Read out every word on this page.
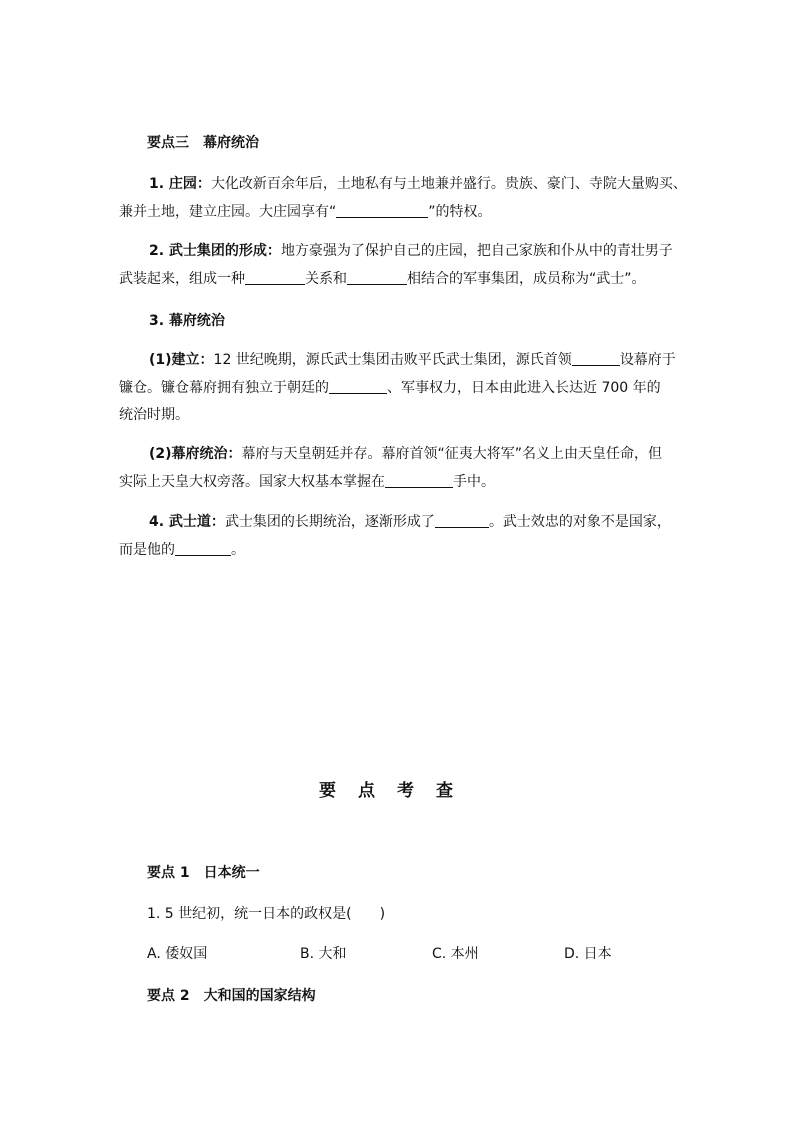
要点三　幕府统治
1. 庄园：大化改新百余年后，土地私有与土地兼并盛行。贵族、豪门、寺院大量购买、
兼并土地，建立庄园。大庄园享有“	”的特权。
2. 武士集团的形成：地方豪强为了保护自己的庄园，把自己家族和仆从中的青壮男子
武装起来，组成一种	关系和	相结合的军事集团，成员称为“武士”。
3. 幕府统治
(1)建立：12 世纪晚期，源氏武士集团击败平氏武士集团，源氏首领	设幕府于
镰仓。镰仓幕府拥有独立于朝廷的	、军事权力，日本由此进入长达近 700 年的
统治时期。
(2)幕府统治：幕府与天皇朝廷并存。幕府首领“征夷大将军”名义上由天皇任命，但
实际上天皇大权旁落。国家大权基本掌握在	手中。
4. 武士道：武士集团的长期统治，逐渐形成了	。武士效忠的对象不是国家，
而是他的	。
要点考查
要点 1　日本统一
1. 5 世纪初，统一日本的政权是(　　)
A. 倭奴国	B. 大和	C. 本州	D. 日本
要点 2　大和国的国家结构
